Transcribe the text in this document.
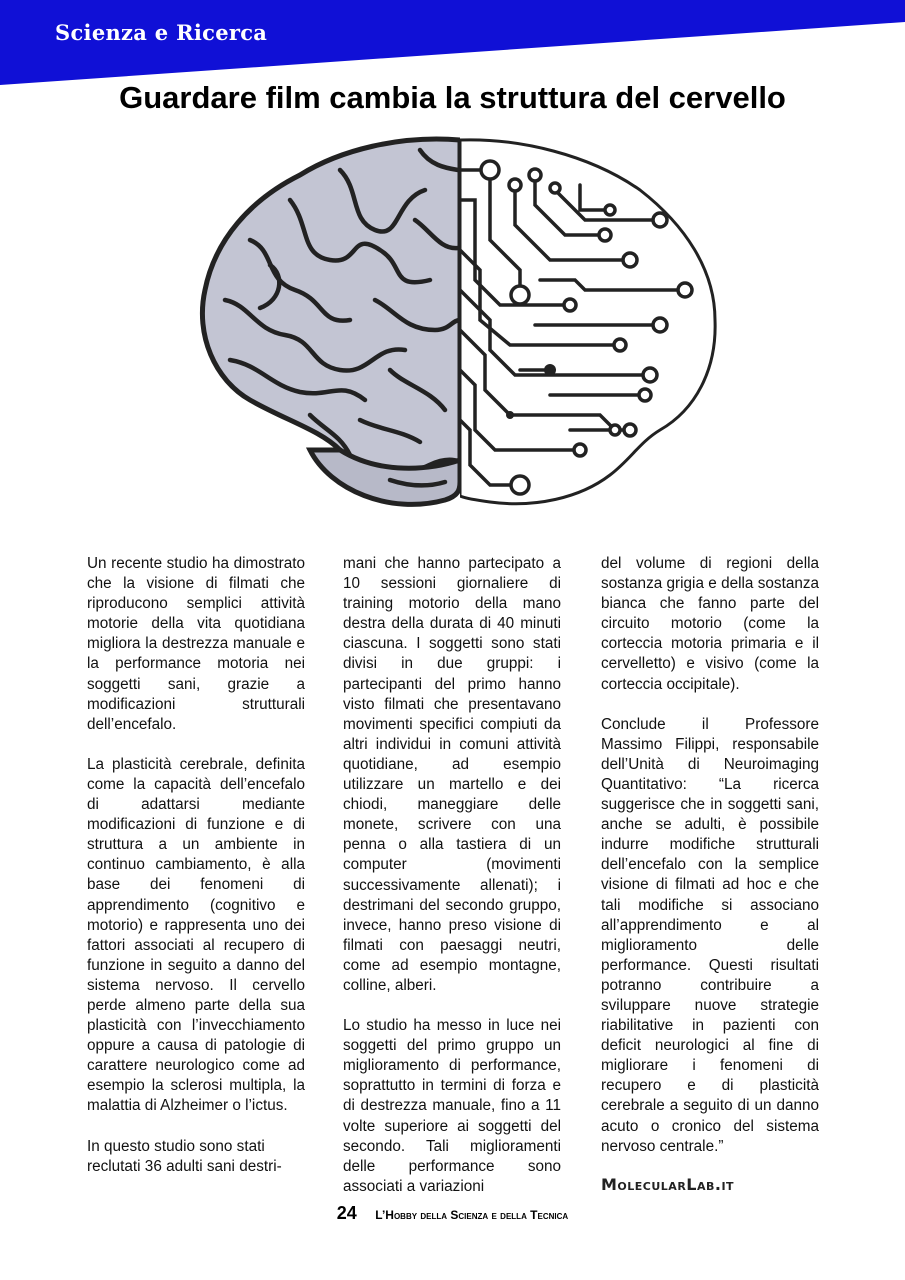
Scienza e Ricerca
Guardare film cambia la struttura del cervello

Un recente studio ha dimostrato che la visione di filmati che riproducono semplici attività motorie della vita quotidiana migliora la destrezza manuale e la performance motoria nei soggetti sani, grazie a modificazioni strutturali dell’encefalo.

La plasticità cerebrale, definita come la capacità dell’encefalo di adattarsi mediante modificazioni di funzione e di struttura a un ambiente in continuo cambiamento, è alla base dei fenomeni di apprendimento (cognitivo e motorio) e rappresenta uno dei fattori associati al recupero di funzione in seguito a danno del sistema nervoso. Il cervello perde almeno parte della sua plasticità con l’invecchiamento oppure a causa di patologie di carattere neurologico come ad esempio la sclerosi multipla, la malattia di Alzheimer o l’ictus.

In questo studio sono stati reclutati 36 adulti sani destri-

mani che hanno partecipato a 10 sessioni giornaliere di training motorio della mano destra della durata di 40 minuti ciascuna. I soggetti sono stati divisi in due gruppi: i partecipanti del primo hanno visto filmati che presentavano movimenti specifici compiuti da altri individui in comuni attività quotidiane, ad esempio utilizzare un martello e dei chiodi, maneggiare delle monete, scrivere con una penna o alla tastiera di un computer (movimenti successivamente allenati); i destrimani del secondo gruppo, invece, hanno preso visione di filmati con paesaggi neutri, come ad esempio montagne, colline, alberi.

Lo studio ha messo in luce nei soggetti del primo gruppo un miglioramento di performance, soprattutto in termini di forza e di destrezza manuale, fino a 11 volte superiore ai soggetti del secondo. Tali miglioramenti delle performance sono associati a variazioni

del volume di regioni della sostanza grigia e della sostanza bianca che fanno parte del circuito motorio (come la corteccia motoria primaria e il cervelletto) e visivo (come la corteccia occipitale).

Conclude il Professore Massimo Filippi, responsabile dell’Unità di Neuroimaging Quantitativo: “La ricerca suggerisce che in soggetti sani, anche se adulti, è possibile indurre modifiche strutturali dell’encefalo con la semplice visione di filmati ad hoc e che tali modifiche si associano all’apprendimento e al miglioramento delle performance. Questi risultati potranno contribuire a sviluppare nuove strategie riabilitative in pazienti con deficit neurologici al fine di migliorare i fenomeni di recupero e di plasticità cerebrale a seguito di un danno acuto o cronico del sistema nervoso centrale.”

MolecularLab.it
24 L’Hobby della Scienza e della Tecnica
